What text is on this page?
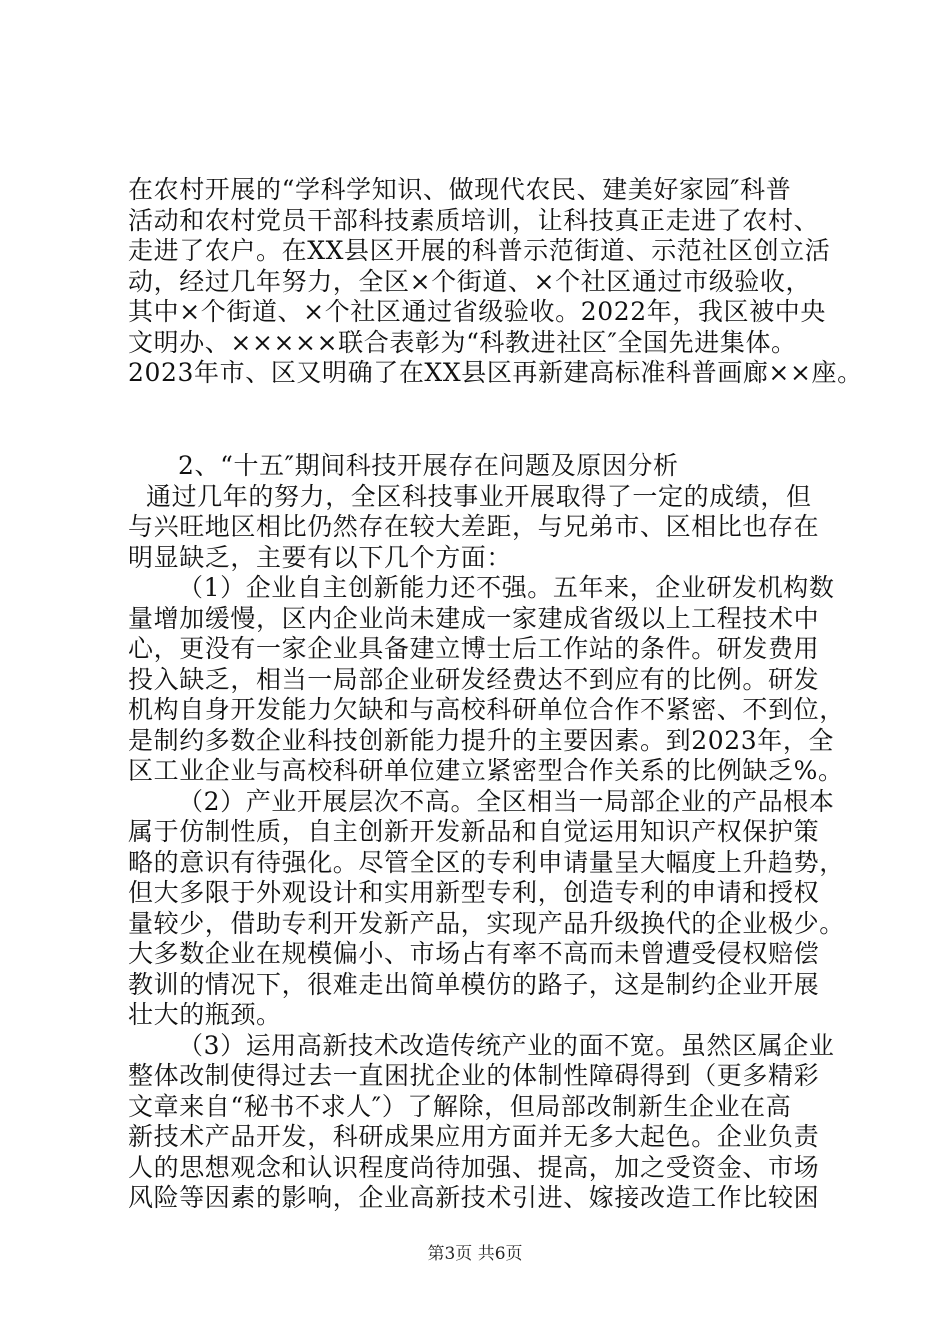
在农村开展的“学科学知识、做现代农民、建美好家园″科普
活动和农村党员干部科技素质培训，让科技真正走进了农村、
走进了农户。在XX县区开展的科普示范街道、示范社区创立活
动，经过几年努力，全区×个街道、×个社区通过市级验收，
其中×个街道、×个社区通过省级验收。2022年，我区被中央
文明办、×××××联合表彰为“科教进社区″全国先进集体。
2023年市、区又明确了在XX县区再新建高标准科普画廊××座。
2、“十五″期间科技开展存在问题及原因分析
通过几年的努力，全区科技事业开展取得了一定的成绩，但
与兴旺地区相比仍然存在较大差距，与兄弟市、区相比也存在
明显缺乏，主要有以下几个方面：
（1）企业自主创新能力还不强。五年来，企业研发机构数
量增加缓慢，区内企业尚未建成一家建成省级以上工程技术中
心，更没有一家企业具备建立博士后工作站的条件。研发费用
投入缺乏，相当一局部企业研发经费达不到应有的比例。研发
机构自身开发能力欠缺和与高校科研单位合作不紧密、不到位，
是制约多数企业科技创新能力提升的主要因素。到2023年，全
区工业企业与高校科研单位建立紧密型合作关系的比例缺乏%。
（2）产业开展层次不高。全区相当一局部企业的产品根本
属于仿制性质，自主创新开发新品和自觉运用知识产权保护策
略的意识有待强化。尽管全区的专利申请量呈大幅度上升趋势，
但大多限于外观设计和实用新型专利，创造专利的申请和授权
量较少，借助专利开发新产品，实现产品升级换代的企业极少。
大多数企业在规模偏小、市场占有率不高而未曾遭受侵权赔偿
教训的情况下，很难走出简单模仿的路子，这是制约企业开展
壮大的瓶颈。
（3）运用高新技术改造传统产业的面不宽。虽然区属企业
整体改制使得过去一直困扰企业的体制性障碍得到（更多精彩
文章来自“秘书不求人″）了解除，但局部改制新生企业在高
新技术产品开发，科研成果应用方面并无多大起色。企业负责
人的思想观念和认识程度尚待加强、提高，加之受资金、市场
风险等因素的影响，企业高新技术引进、嫁接改造工作比较困
第3页 共6页
